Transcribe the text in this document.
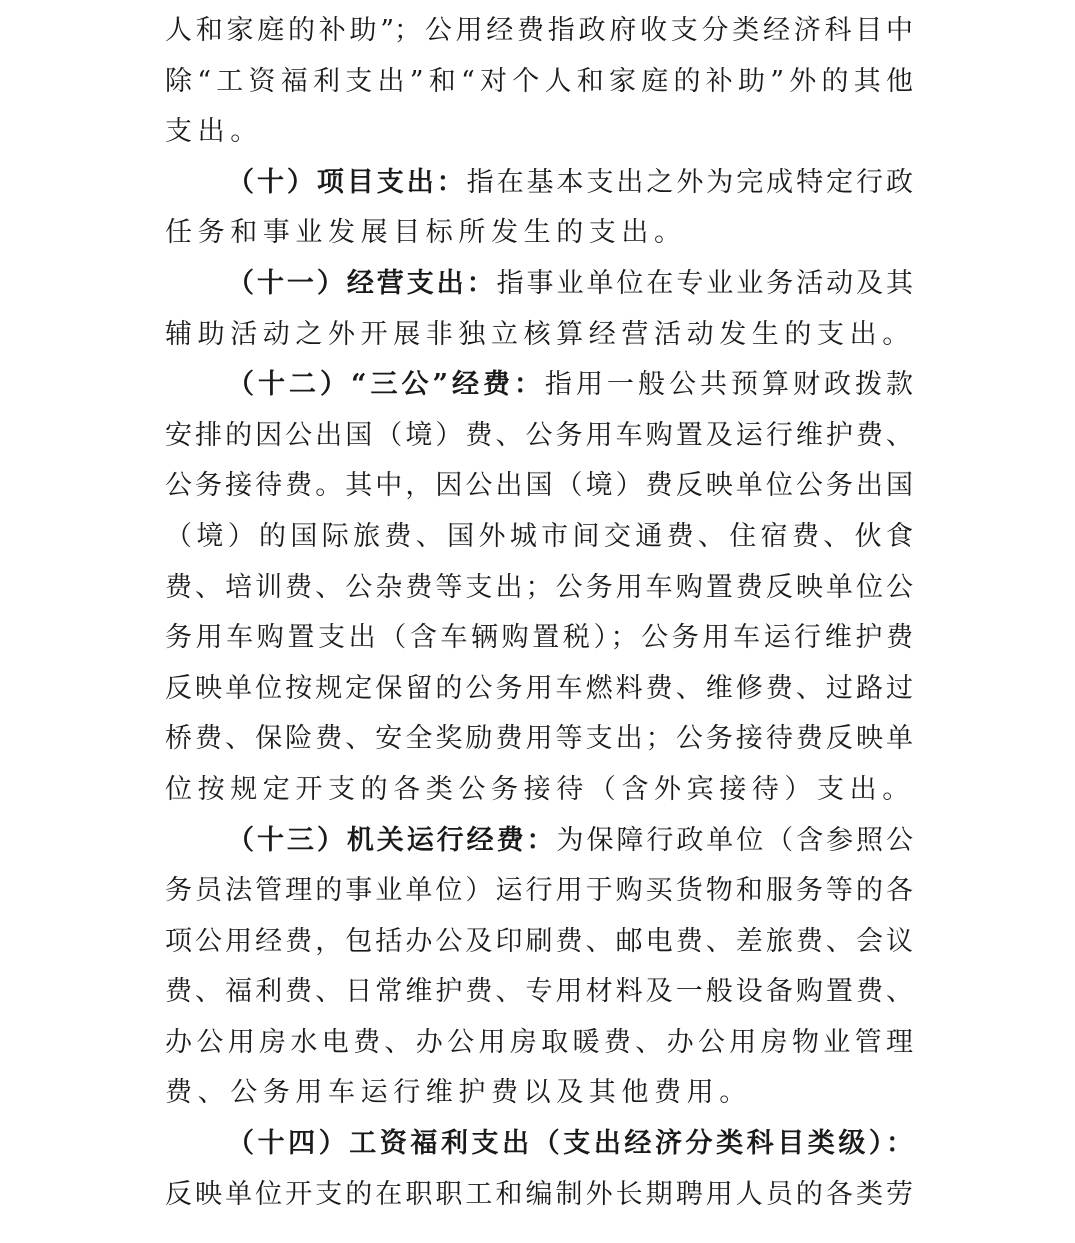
人和家庭的补助”；公用经费指政府收支分类经济科目中
除“工资福利支出”和“对个人和家庭的补助”外的其他
支出。
（十）项目支出：指在基本支出之外为完成特定行政
任务和事业发展目标所发生的支出。
（十一）经营支出：指事业单位在专业业务活动及其
辅助活动之外开展非独立核算经营活动发生的支出。
（十二）“三公”经费：指用一般公共预算财政拨款
安排的因公出国（境）费、公务用车购置及运行维护费、
公务接待费。其中，因公出国（境）费反映单位公务出国
（境）的国际旅费、国外城市间交通费、住宿费、伙食
费、培训费、公杂费等支出；公务用车购置费反映单位公
务用车购置支出（含车辆购置税）；公务用车运行维护费
反映单位按规定保留的公务用车燃料费、维修费、过路过
桥费、保险费、安全奖励费用等支出；公务接待费反映单
位按规定开支的各类公务接待（含外宾接待）支出。
（十三）机关运行经费：为保障行政单位（含参照公
务员法管理的事业单位）运行用于购买货物和服务等的各
项公用经费，包括办公及印刷费、邮电费、差旅费、会议
费、福利费、日常维护费、专用材料及一般设备购置费、
办公用房水电费、办公用房取暖费、办公用房物业管理
费、公务用车运行维护费以及其他费用。
（十四）工资福利支出（支出经济分类科目类级）：
反映单位开支的在职职工和编制外长期聘用人员的各类劳
